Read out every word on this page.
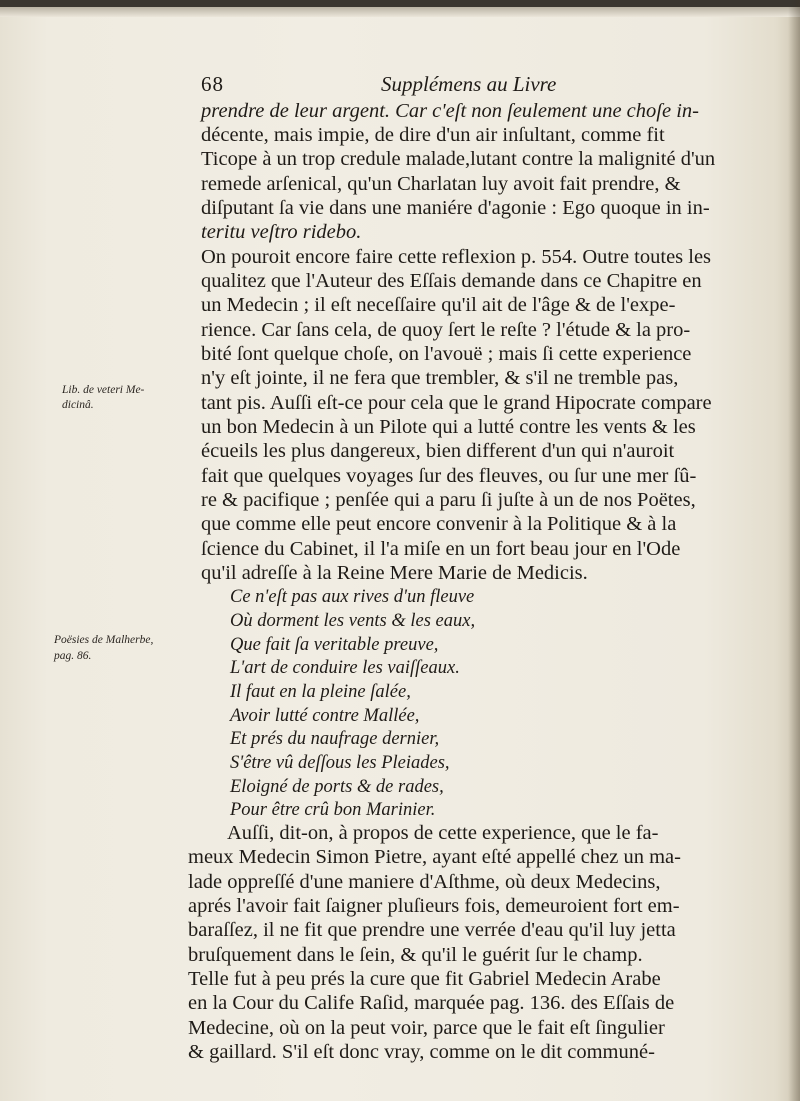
68	Supplémens au Livre
Lib. de veteri Me-
dicinâ.
Poësies de Malherbe,
pag. 86.
prendre de leur argent. Car c'eſt non ſeulement une choſe in-
décente, mais impie, de dire d'un air inſultant, comme fit
Ticope à un trop credule malade,lutant contre la malignité d'un
remede arſenical, qu'un Charlatan luy avoit fait prendre, &
diſputant ſa vie dans une maniére d'agonie : Ego quoque in in-
teritu veſtro ridebo.
On pouroit encore faire cette reflexion p. 554. Outre toutes les
qualitez que l'Auteur des Eſſais demande dans ce Chapitre en
un Medecin ; il eſt neceſſaire qu'il ait de l'âge & de l'expe-
rience. Car ſans cela, de quoy ſert le reſte ? l'étude & la pro-
bité ſont quelque choſe, on l'avouë ; mais ſi cette experience
n'y eſt jointe, il ne fera que trembler, & s'il ne tremble pas,
tant pis. Auſſi eſt-ce pour cela que le grand Hipocrate compare
un bon Medecin à un Pilote qui a lutté contre les vents & les
écueils les plus dangereux, bien different d'un qui n'auroit
fait que quelques voyages ſur des fleuves, ou ſur une mer ſû-
re & pacifique ; penſée qui a paru ſi juſte à un de nos Poëtes,
que comme elle peut encore convenir à la Politique & à la
ſcience du Cabinet, il l'a miſe en un fort beau jour en l'Ode
qu'il adreſſe à la Reine Mere Marie de Medicis.
Ce n'eſt pas aux rives d'un fleuve
Où dorment les vents & les eaux,
Que fait ſa veritable preuve,
L'art de conduire les vaiſſeaux.
Il faut en la pleine ſalée,
Avoir lutté contre Mallée,
Et prés du naufrage dernier,
S'être vû deſſous les Pleiades,
Eloigné de ports & de rades,
Pour être crû bon Marinier.
Auſſi, dit-on, à propos de cette experience, que le fa-
meux Medecin Simon Pietre, ayant eſté appellé chez un ma-
lade oppreſſé d'une maniere d'Aſthme, où deux Medecins,
aprés l'avoir fait ſaigner pluſieurs fois, demeuroient fort em-
baraſſez, il ne fit que prendre une verrée d'eau qu'il luy jetta
bruſquement dans le ſein, & qu'il le guérit ſur le champ.
Telle fut à peu prés la cure que fit Gabriel Medecin Arabe
en la Cour du Calife Raſid, marquée pag. 136. des Eſſais de
Medecine, où on la peut voir, parce que le fait eſt ſingulier
& gaillard. S'il eſt donc vray, comme on le dit communé-
